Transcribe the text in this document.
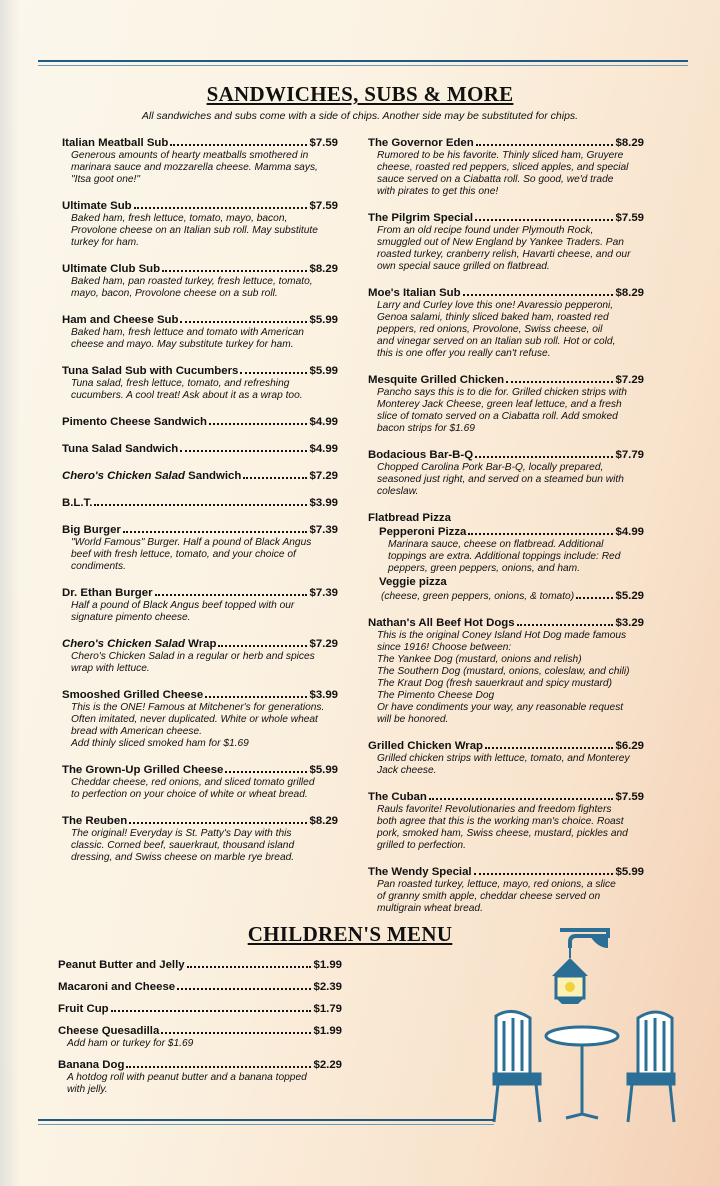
SANDWICHES, SUBS & MORE
All sandwiches and subs come with a side of chips. Another side may be substituted for chips.
Italian Meatball Sub	$7.59
Generous amounts of hearty meatballs smothered in
marinara sauce and mozzarella cheese. Mamma says,
"Itsa goot one!"
Ultimate Sub	$7.59
Baked ham, fresh lettuce, tomato, mayo, bacon,
Provolone cheese on an Italian sub roll. May substitute
turkey for ham.
Ultimate Club Sub	$8.29
Baked ham, pan roasted turkey, fresh lettuce, tomato,
mayo, bacon, Provolone cheese on a sub roll.
Ham and Cheese Sub	$5.99
Baked ham, fresh lettuce and tomato with American
cheese and mayo. May substitute turkey for ham.
Tuna Salad Sub with Cucumbers	$5.99
Tuna salad, fresh lettuce, tomato, and refreshing
cucumbers. A cool treat! Ask about it as a wrap too.
Pimento Cheese Sandwich	$4.99
Tuna Salad Sandwich	$4.99
Chero's Chicken Salad Sandwich	$7.29
B.L.T.	$3.99
Big Burger	$7.39
"World Famous" Burger. Half a pound of Black Angus
beef with fresh lettuce, tomato, and your choice of
condiments.
Dr. Ethan Burger	$7.39
Half a pound of Black Angus beef topped with our
signature pimento cheese.
Chero's Chicken Salad Wrap	$7.29
Chero's Chicken Salad in a regular or herb and spices
wrap with lettuce.
Smooshed Grilled Cheese	$3.99
This is the ONE! Famous at Mitchener's for generations.
Often imitated, never duplicated. White or whole wheat
bread with American cheese.
Add thinly sliced smoked ham for $1.69
The Grown-Up Grilled Cheese	$5.99
Cheddar cheese, red onions, and sliced tomato grilled
to perfection on your choice of white or wheat bread.
The Reuben	$8.29
The original! Everyday is St. Patty's Day with this
classic. Corned beef, sauerkraut, thousand island
dressing, and Swiss cheese on marble rye bread.
The Governor Eden	$8.29
Rumored to be his favorite. Thinly sliced ham, Gruyere
cheese, roasted red peppers, sliced apples, and special
sauce served on a Ciabatta roll. So good, we'd trade
with pirates to get this one!
The Pilgrim Special	$7.59
From an old recipe found under Plymouth Rock,
smuggled out of New England by Yankee Traders. Pan
roasted turkey, cranberry relish, Havarti cheese, and our
own special sauce grilled on flatbread.
Moe's Italian Sub	$8.29
Larry and Curley love this one! Avaressio pepperoni,
Genoa salami, thinly sliced baked ham, roasted red
peppers, red onions, Provolone, Swiss cheese, oil
and vinegar served on an Italian sub roll. Hot or cold,
this is one offer you really can't refuse.
Mesquite Grilled Chicken	$7.29
Pancho says this is to die for. Grilled chicken strips with
Monterey Jack Cheese, green leaf lettuce, and a fresh
slice of tomato served on a Ciabatta roll. Add smoked
bacon strips for $1.69
Bodacious Bar-B-Q	$7.79
Chopped Carolina Pork Bar-B-Q, locally prepared,
seasoned just right, and served on a steamed bun with
coleslaw.
Flatbread Pizza
Pepperoni Pizza	$4.99
Marinara sauce, cheese on flatbread. Additional
toppings are extra. Additional toppings include: Red
peppers, green peppers, onions, and ham.
Veggie pizza
(cheese, green peppers, onions, & tomato)	$5.29
Nathan's All Beef Hot Dogs	$3.29
This is the original Coney Island Hot Dog made famous
since 1916! Choose between:
The Yankee Dog (mustard, onions and relish)
The Southern Dog (mustard, onions, coleslaw, and chili)
The Kraut Dog (fresh sauerkraut and spicy mustard)
The Pimento Cheese Dog
Or have condiments your way, any reasonable request
will be honored.
Grilled Chicken Wrap	$6.29
Grilled chicken strips with lettuce, tomato, and Monterey
Jack cheese.
The Cuban	$7.59
Rauls favorite! Revolutionaries and freedom fighters
both agree that this is the working man's choice. Roast
pork, smoked ham, Swiss cheese, mustard, pickles and
grilled to perfection.
The Wendy Special	$5.99
Pan roasted turkey, lettuce, mayo, red onions, a slice
of granny smith apple, cheddar cheese served on
multigrain wheat bread.
CHILDREN'S MENU
Peanut Butter and Jelly	$1.99
Macaroni and Cheese	$2.39
Fruit Cup	$1.79
Cheese Quesadilla	$1.99
Add ham or turkey for $1.69
Banana Dog	$2.29
A hotdog roll with peanut butter and a banana topped
with jelly.
